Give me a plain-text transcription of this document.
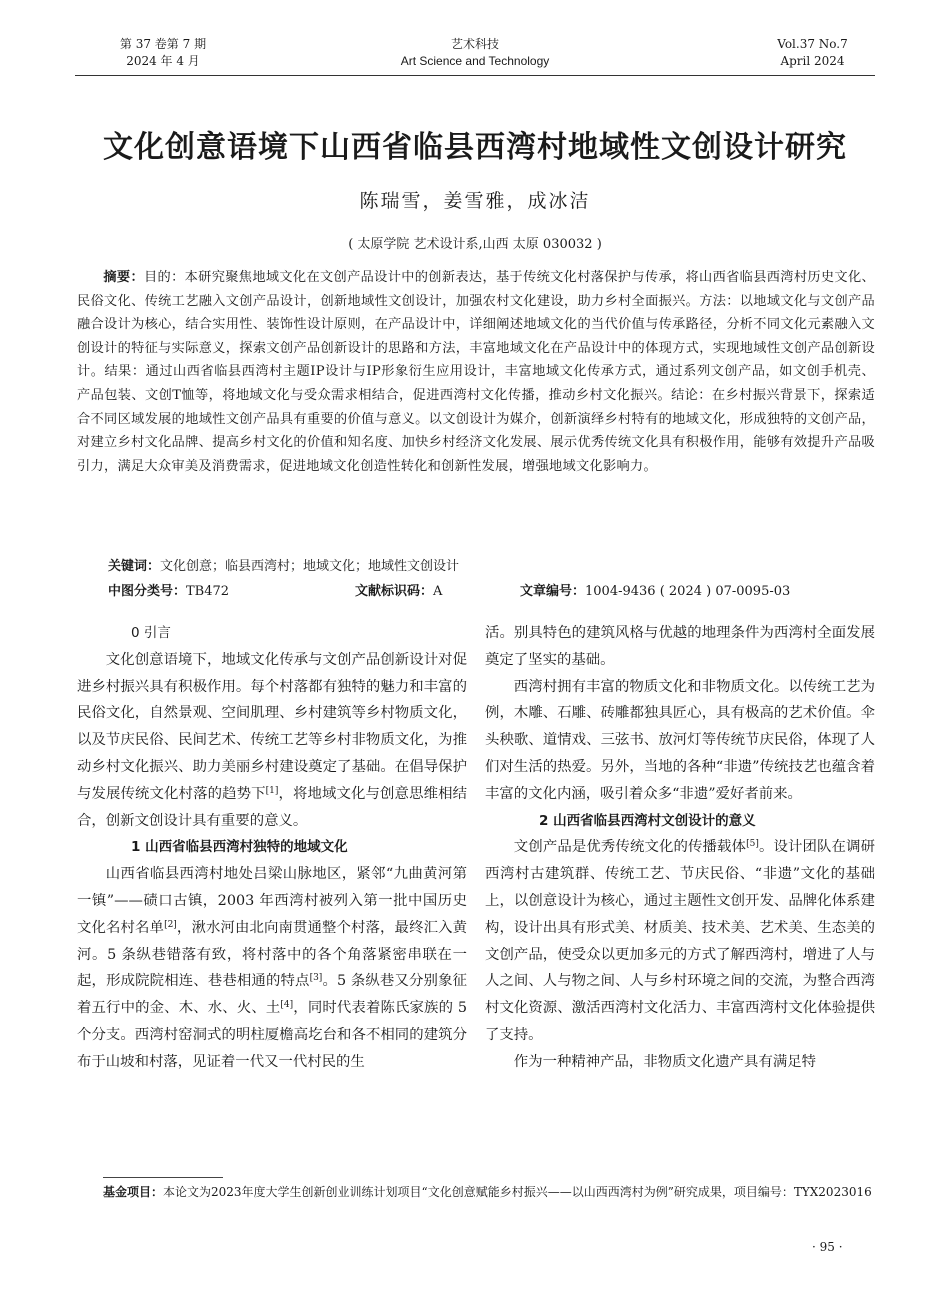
第 37 卷第 7 期
2024 年 4 月
艺术科技
Art Science and Technology
Vol.37 No.7
April 2024
文化创意语境下山西省临县西湾村地域性文创设计研究
陈瑞雪，姜雪雅，成冰洁
( 太原学院 艺术设计系,山西 太原 030032 )
摘要：目的：本研究聚焦地域文化在文创产品设计中的创新表达，基于传统文化村落保护与传承，将山西省临县西湾村历史文化、民俗文化、传统工艺融入文创产品设计，创新地域性文创设计，加强农村文化建设，助力乡村全面振兴。方法：以地域文化与文创产品融合设计为核心，结合实用性、装饰性设计原则，在产品设计中，详细阐述地域文化的当代价值与传承路径，分析不同文化元素融入文创设计的特征与实际意义，探索文创产品创新设计的思路和方法，丰富地域文化在产品设计中的体现方式，实现地域性文创产品创新设计。结果：通过山西省临县西湾村主题IP设计与IP形象衍生应用设计，丰富地域文化传承方式，通过系列文创产品，如文创手机壳、产品包装、文创T恤等，将地域文化与受众需求相结合，促进西湾村文化传播，推动乡村文化振兴。结论：在乡村振兴背景下，探索适合不同区域发展的地域性文创产品具有重要的价值与意义。以文创设计为媒介，创新演绎乡村特有的地域文化，形成独特的文创产品，对建立乡村文化品牌、提高乡村文化的价值和知名度、加快乡村经济文化发展、展示优秀传统文化具有积极作用，能够有效提升产品吸引力，满足大众审美及消费需求，促进地域文化创造性转化和创新性发展，增强地域文化影响力。
关键词：文化创意；临县西湾村；地域文化；地域性文创设计
中图分类号：TB472	文献标识码：A	文章编号：1004-9436 ( 2024 ) 07-0095-03

0 引言

文化创意语境下，地域文化传承与文创产品创新设计对促进乡村振兴具有积极作用。每个村落都有独特的魅力和丰富的民俗文化，自然景观、空间肌理、乡村建筑等乡村物质文化，以及节庆民俗、民间艺术、传统工艺等乡村非物质文化，为推动乡村文化振兴、助力美丽乡村建设奠定了基础。在倡导保护与发展传统文化村落的趋势下[1]，将地域文化与创意思维相结合，创新文创设计具有重要的意义。

1 山西省临县西湾村独特的地域文化

山西省临县西湾村地处吕梁山脉地区，紧邻“九曲黄河第一镇”——碛口古镇，2003 年西湾村被列入第一批中国历史文化名村名单[2]，湫水河由北向南贯通整个村落，最终汇入黄河。5 条纵巷错落有致，将村落中的各个角落紧密串联在一起，形成院院相连、巷巷相通的特点[3]。5 条纵巷又分别象征着五行中的金、木、水、火、土[4]，同时代表着陈氏家族的 5 个分支。西湾村窑洞式的明柱厦檐高圪台和各不相同的建筑分布于山坡和村落，见证着一代又一代村民的生

活。别具特色的建筑风格与优越的地理条件为西湾村全面发展奠定了坚实的基础。

西湾村拥有丰富的物质文化和非物质文化。以传统工艺为例，木雕、石雕、砖雕都独具匠心，具有极高的艺术价值。伞头秧歌、道情戏、三弦书、放河灯等传统节庆民俗，体现了人们对生活的热爱。另外，当地的各种“非遗”传统技艺也蕴含着丰富的文化内涵，吸引着众多“非遗”爱好者前来。

2 山西省临县西湾村文创设计的意义

文创产品是优秀传统文化的传播载体[5]。设计团队在调研西湾村古建筑群、传统工艺、节庆民俗、“非遗”文化的基础上，以创意设计为核心，通过主题性文创开发、品牌化体系建构，设计出具有形式美、材质美、技术美、艺术美、生态美的文创产品，使受众以更加多元的方式了解西湾村，增进了人与人之间、人与物之间、人与乡村环境之间的交流，为整合西湾村文化资源、激活西湾村文化活力、丰富西湾村文化体验提供了支持。

作为一种精神产品，非物质文化遗产具有满足特

基金项目：本论文为2023年度大学生创新创业训练计划项目“文化创意赋能乡村振兴——以山西西湾村为例”研究成果，项目编号：TYX2023016
· 95 ·
